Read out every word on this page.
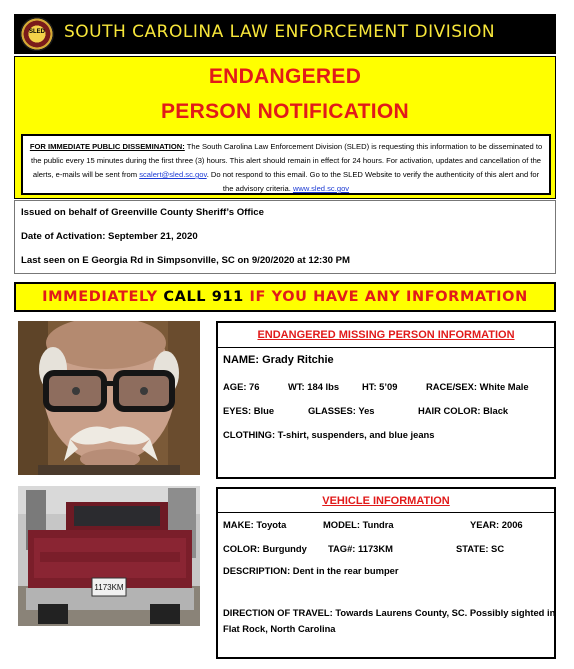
SLED	SOUTH CAROLINA LAW ENFORCEMENT DIVISION
ENDANGERED
PERSON NOTIFICATION
FOR IMMEDIATE PUBLIC DISSEMINATION: The South Carolina Law Enforcement Division (SLED) is requesting this information to be disseminated to the public every 15 minutes during the first three (3) hours. This alert should remain in effect for 24 hours. For activation, updates and cancellation of the alerts, e-mails will be sent from scalert@sled.sc.gov. Do not respond to this email. Go to the SLED Website to verify the authenticity of this alert and for the advisory criteria. www.sled.sc.gov
Issued on behalf of Greenville County Sheriff’s Office
Date of Activation: September 21, 2020
Last seen on E Georgia Rd in Simpsonville, SC on 9/20/2020 at 12:30 PM
IMMEDIATELY CALL 911 IF YOU HAVE ANY INFORMATION
1173KM
ENDANGERED MISSING PERSON INFORMATION
NAME: Grady Ritchie
AGE: 76	WT: 184 lbs HT: 5’09	RACE/SEX: White Male
EYES: Blue	GLASSES: Yes	HAIR COLOR: Black
CLOTHING: T-shirt, suspenders, and blue jeans
VEHICLE INFORMATION
MAKE: Toyota	MODEL: Tundra	YEAR: 2006
COLOR: Burgundy TAG#: 1173KM	STATE: SC
DESCRIPTION: Dent in the rear bumper
DIRECTION OF TRAVEL: Towards Laurens County, SC. Possibly sighted in
Flat Rock, North Carolina
